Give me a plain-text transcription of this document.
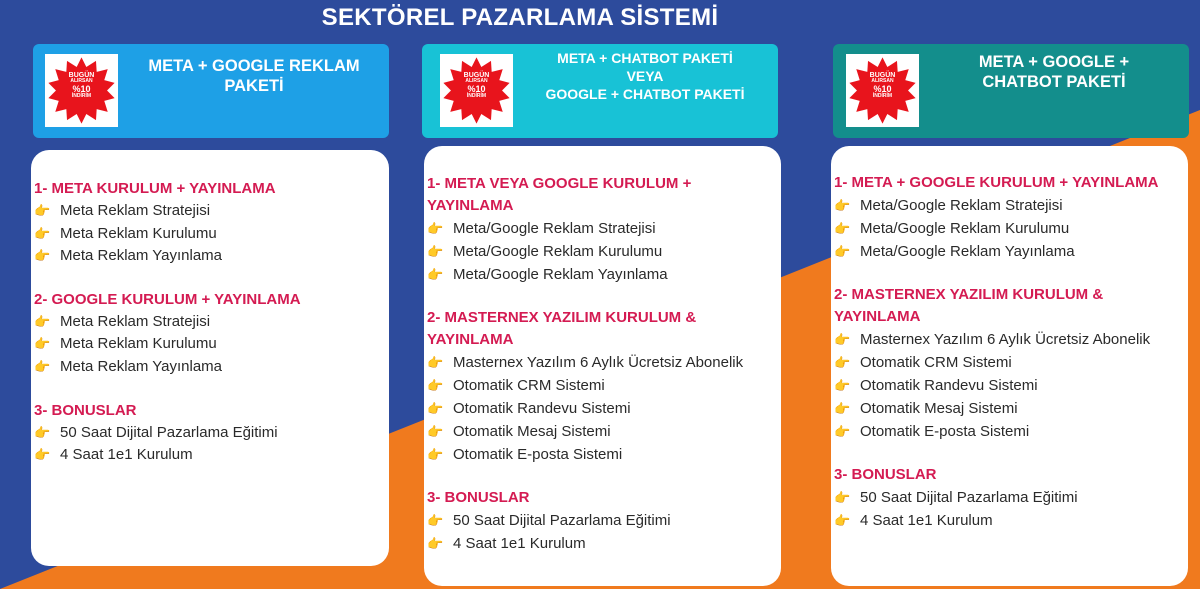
SEKTÖREL PAZARLAMA SİSTEMİ
BUGÜN
ALIRSAN
%10
İNDİRİM
META + GOOGLE REKLAM
PAKETİ
BUGÜN
ALIRSAN
%10
İNDİRİM
META + CHATBOT PAKETİ
VEYA
GOOGLE + CHATBOT PAKETİ
BUGÜN
ALIRSAN
%10
İNDİRİM
META + GOOGLE +
CHATBOT PAKETİ
1- META KURULUM + YAYINLAMA
👉 Meta Reklam Stratejisi
👉 Meta Reklam Kurulumu
👉 Meta Reklam Yayınlama
2- GOOGLE KURULUM + YAYINLAMA
👉 Meta Reklam Stratejisi
👉 Meta Reklam Kurulumu
👉 Meta Reklam Yayınlama
3- BONUSLAR
👉 50 Saat Dijital Pazarlama Eğitimi
👉 4 Saat 1e1 Kurulum
1- META VEYA GOOGLE KURULUM + YAYINLAMA
👉 Meta/Google Reklam Stratejisi
👉 Meta/Google Reklam Kurulumu
👉 Meta/Google Reklam Yayınlama
2- MASTERNEX YAZILIM KURULUM & YAYINLAMA
👉 Masternex Yazılım 6 Aylık Ücretsiz Abonelik
👉 Otomatik CRM Sistemi
👉 Otomatik Randevu Sistemi
👉 Otomatik Mesaj Sistemi
👉 Otomatik E-posta Sistemi
3- BONUSLAR
👉 50 Saat Dijital Pazarlama Eğitimi
👉 4 Saat 1e1 Kurulum
1- META + GOOGLE KURULUM + YAYINLAMA
👉 Meta/Google Reklam Stratejisi
👉 Meta/Google Reklam Kurulumu
👉 Meta/Google Reklam Yayınlama
2- MASTERNEX YAZILIM KURULUM & YAYINLAMA
👉 Masternex Yazılım 6 Aylık Ücretsiz Abonelik
👉 Otomatik CRM Sistemi
👉 Otomatik Randevu Sistemi
👉 Otomatik Mesaj Sistemi
👉 Otomatik E-posta Sistemi
3- BONUSLAR
👉 50 Saat Dijital Pazarlama Eğitimi
👉 4 Saat 1e1 Kurulum
